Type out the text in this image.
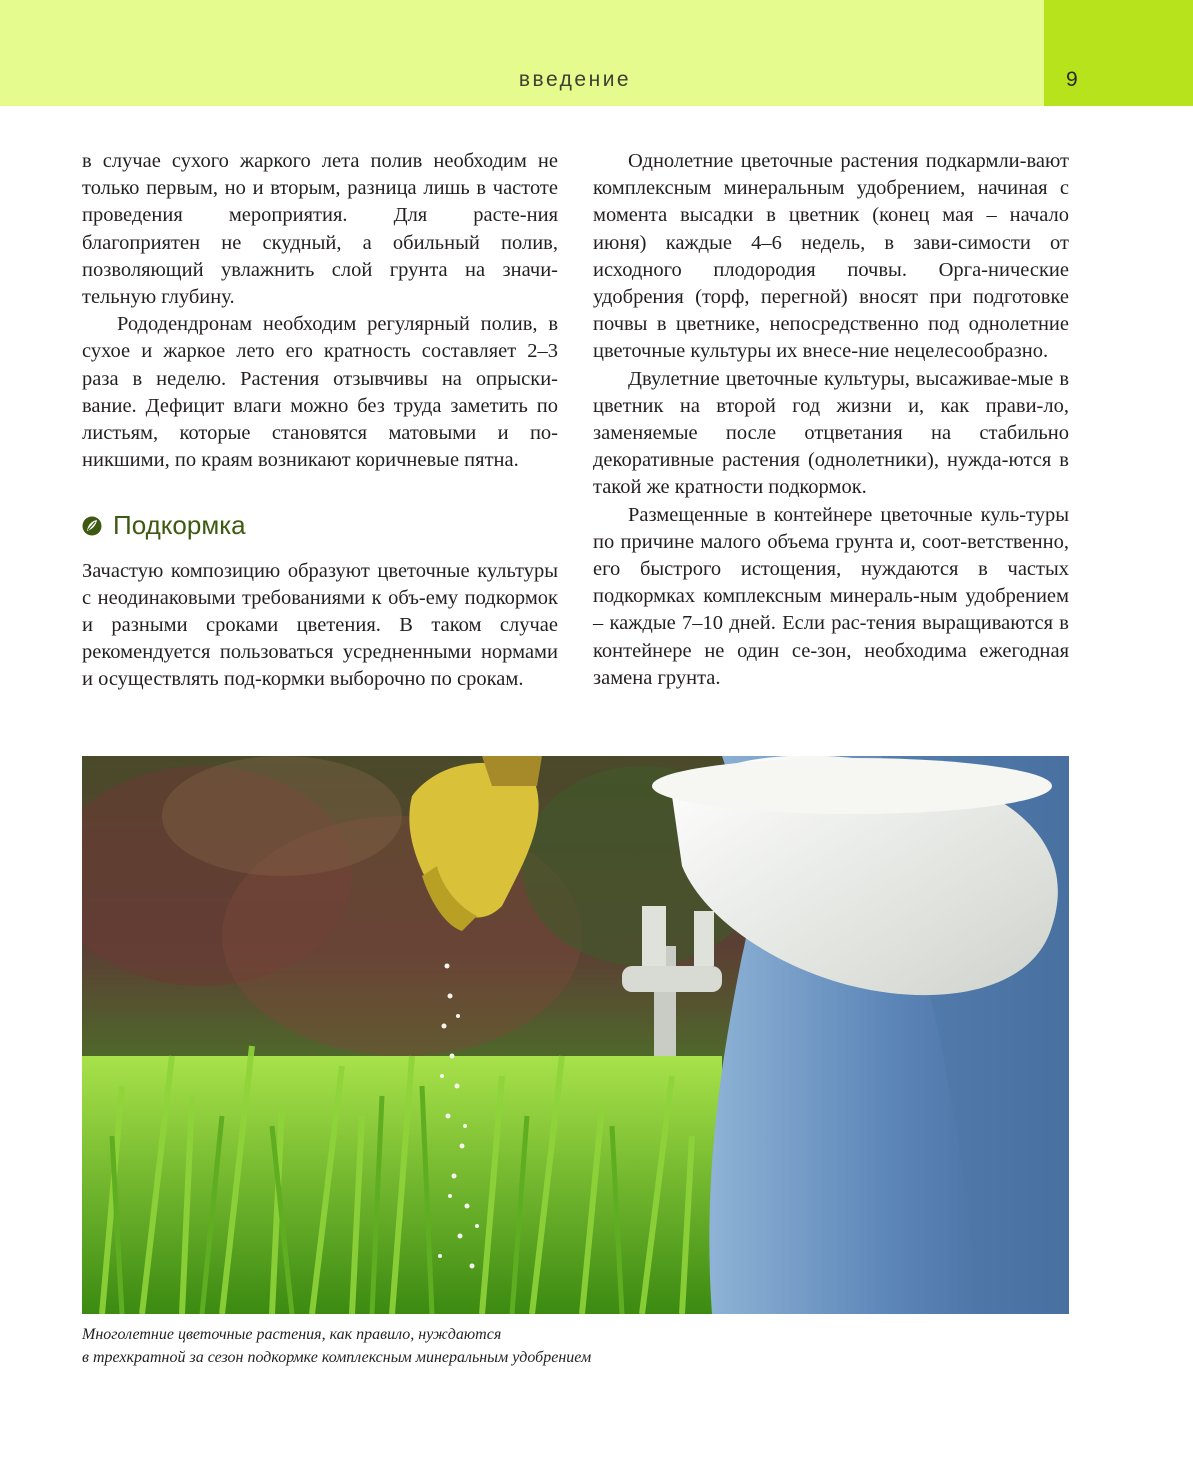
введение	9

в случае сухого жаркого лета полив необходим не только первым, но и вторым, разница лишь в частоте проведения мероприятия. Для расте-ния благоприятен не скудный, а обильный полив, позволяющий увлажнить слой грунта на значи-тельную глубину.

Рододендронам необходим регулярный полив, в сухое и жаркое лето его кратность составляет 2–3 раза в неделю. Растения отзывчивы на опрыски-вание. Дефицит влаги можно без труда заметить по листьям, которые становятся матовыми и по-никшими, по краям возникают коричневые пятна.

Подкормка

Зачастую композицию образуют цветочные культуры с неодинаковыми требованиями к объ-ему подкормок и разными сроками цветения. В таком случае рекомендуется пользоваться усредненными нормами и осуществлять под-кормки выборочно по срокам.

Однолетние цветочные растения подкармли-вают комплексным минеральным удобрением, начиная с момента высадки в цветник (конец мая – начало июня) каждые 4–6 недель, в зави-симости от исходного плодородия почвы. Орга-нические удобрения (торф, перегной) вносят при подготовке почвы в цветнике, непосредственно под однолетние цветочные культуры их внесе-ние нецелесообразно.

Двулетние цветочные культуры, высаживае-мые в цветник на второй год жизни и, как прави-ло, заменяемые после отцветания на стабильно декоративные растения (однолетники), нужда-ются в такой же кратности подкормок.

Размещенные в контейнере цветочные куль-туры по причине малого объема грунта и, соот-ветственно, его быстрого истощения, нуждаются в частых подкормках комплексным минераль-ным удобрением – каждые 7–10 дней. Если рас-тения выращиваются в контейнере не один се-зон, необходима ежегодная замена грунта.

Многолетние цветочные растения, как правило, нуждаются
в трехкратной за сезон подкормке комплексным минеральным удобрением
